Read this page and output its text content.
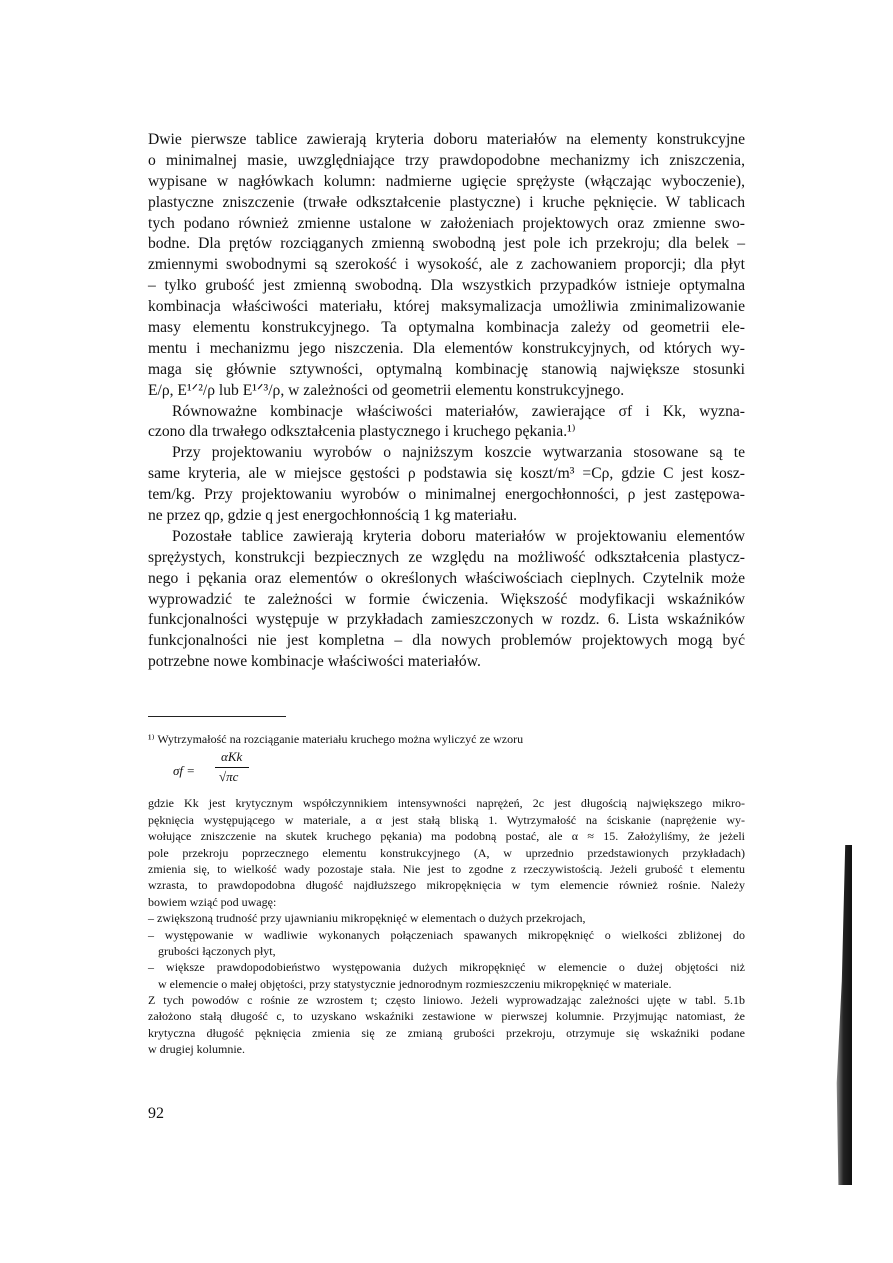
Dwie pierwsze tablice zawierają kryteria doboru materiałów na elementy konstrukcyjne
o minimalnej masie, uwzględniające trzy prawdopodobne mechanizmy ich zniszczenia,
wypisane w nagłówkach kolumn: nadmierne ugięcie sprężyste (włączając wyboczenie),
plastyczne zniszczenie (trwałe odkształcenie plastyczne) i kruche pęknięcie. W tablicach
tych podano również zmienne ustalone w założeniach projektowych oraz zmienne swo-
bodne. Dla prętów rozciąganych zmienną swobodną jest pole ich przekroju; dla belek –
zmiennymi swobodnymi są szerokość i wysokość, ale z zachowaniem proporcji; dla płyt
– tylko grubość jest zmienną swobodną. Dla wszystkich przypadków istnieje optymalna
kombinacja właściwości materiału, której maksymalizacja umożliwia zminimalizowanie
masy elementu konstrukcyjnego. Ta optymalna kombinacja zależy od geometrii ele-
mentu i mechanizmu jego niszczenia. Dla elementów konstrukcyjnych, od których wy-
maga się głównie sztywności, optymalną kombinację stanowią największe stosunki
E/ρ, E¹ᐟ²/ρ lub E¹ᐟ³/ρ, w zależności od geometrii elementu konstrukcyjnego.
Równoważne kombinacje właściwości materiałów, zawierające σf i Kk, wyzna-
czono dla trwałego odkształcenia plastycznego i kruchego pękania.¹⁾
Przy projektowaniu wyrobów o najniższym koszcie wytwarzania stosowane są te
same kryteria, ale w miejsce gęstości ρ podstawia się koszt/m³ =Cρ, gdzie C jest kosz-
tem/kg. Przy projektowaniu wyrobów o minimalnej energochłonności, ρ jest zastępowa-
ne przez qρ, gdzie q jest energochłonnością 1 kg materiału.
Pozostałe tablice zawierają kryteria doboru materiałów w projektowaniu elementów
sprężystych, konstrukcji bezpiecznych ze względu na możliwość odkształcenia plastycz-
nego i pękania oraz elementów o określonych właściwościach cieplnych. Czytelnik może
wyprowadzić te zależności w formie ćwiczenia. Większość modyfikacji wskaźników
funkcjonalności występuje w przykładach zamieszczonych w rozdz. 6. Lista wskaźników
funkcjonalności nie jest kompletna – dla nowych problemów projektowych mogą być
potrzebne nowe kombinacje właściwości materiałów.
¹⁾ Wytrzymałość na rozciąganie materiału kruchego można wyliczyć ze wzoru
σf =
αKk
√πc
gdzie Kk jest krytycznym współczynnikiem intensywności naprężeń, 2c jest długością największego mikro-
pęknięcia występującego w materiale, a α jest stałą bliską 1. Wytrzymałość na ściskanie (naprężenie wy-
wołujące zniszczenie na skutek kruchego pękania) ma podobną postać, ale α ≈ 15. Założyliśmy, że jeżeli
pole przekroju poprzecznego elementu konstrukcyjnego (A, w uprzednio przedstawionych przykładach)
zmienia się, to wielkość wady pozostaje stała. Nie jest to zgodne z rzeczywistością. Jeżeli grubość t elementu
wzrasta, to prawdopodobna długość najdłuższego mikropęknięcia w tym elemencie również rośnie. Należy
bowiem wziąć pod uwagę:
– zwiększoną trudność przy ujawnianiu mikropęknięć w elementach o dużych przekrojach,
– występowanie w wadliwie wykonanych połączeniach spawanych mikropęknięć o wielkości zbliżonej do
grubości łączonych płyt,
– większe prawdopodobieństwo występowania dużych mikropęknięć w elemencie o dużej objętości niż
w elemencie o małej objętości, przy statystycznie jednorodnym rozmieszczeniu mikropęknięć w materiale.
Z tych powodów c rośnie ze wzrostem t; często liniowo. Jeżeli wyprowadzając zależności ujęte w tabl. 5.1b
założono stałą długość c, to uzyskano wskaźniki zestawione w pierwszej kolumnie. Przyjmując natomiast, że
krytyczna długość pęknięcia zmienia się ze zmianą grubości przekroju, otrzymuje się wskaźniki podane
w drugiej kolumnie.
92
